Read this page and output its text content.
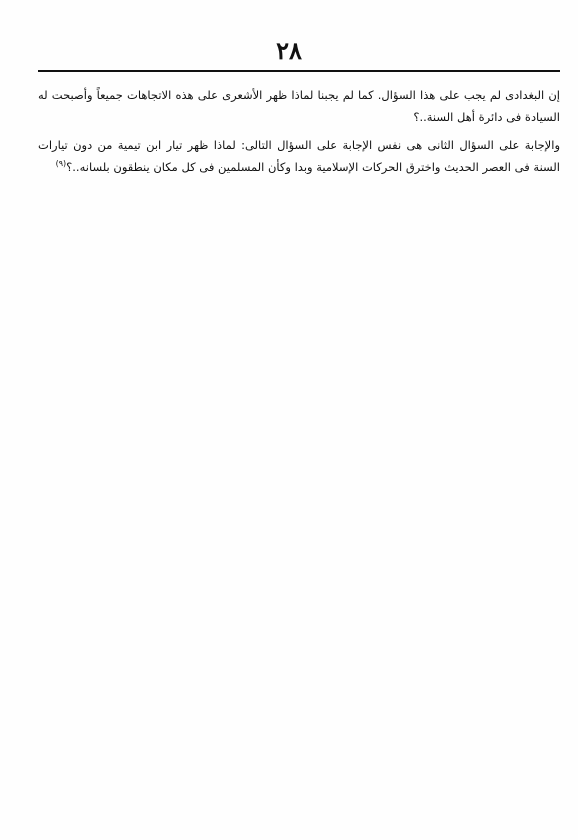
٢٨

إن البغدادى لم يجب على هذا السؤال. كما لم يجبنا لماذا ظهر الأشعرى على هذه الاتجاهات جميعاً وأصبحت له السيادة فى دائرة أهل السنة..؟

والإجابة على السؤال الثانى هى نفس الإجابة على السؤال التالى: لماذا ظهر تيار ابن تيمية من دون تيارات السنة فى العصر الحديث واخترق الحركات الإسلامية وبدا وكأن المسلمين فى كل مكان ينطقون بلسانه..؟$^{(٩)}$
